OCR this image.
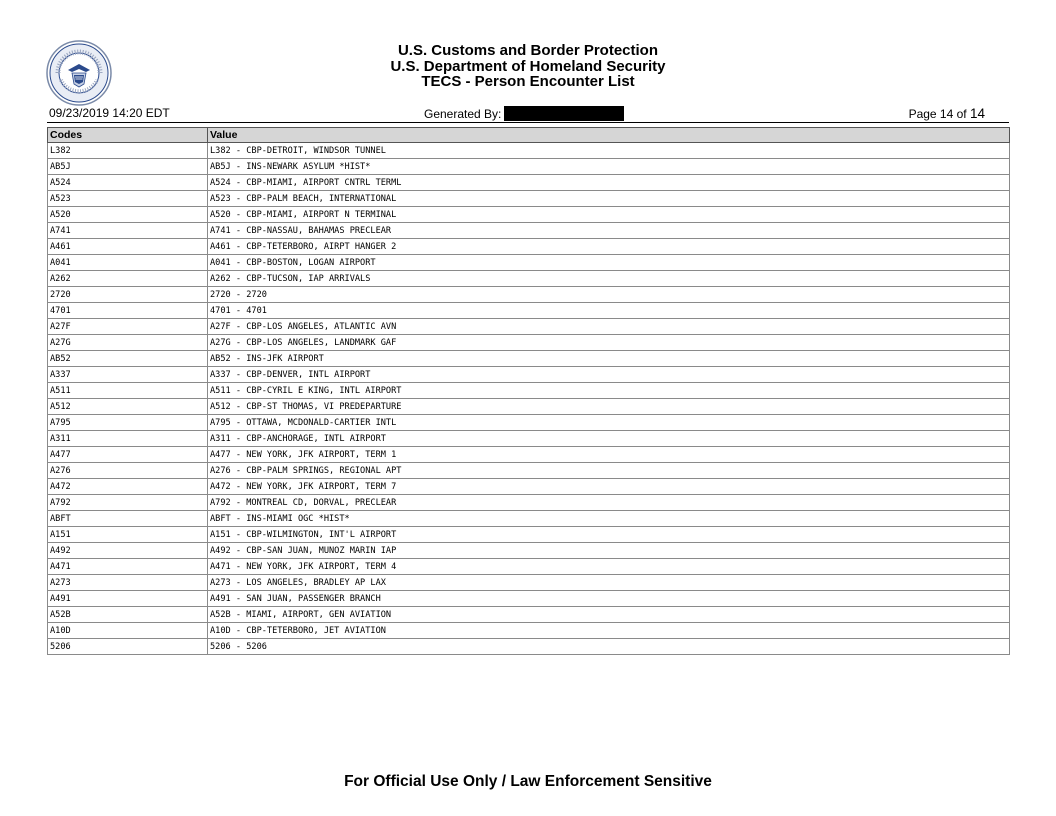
U.S. Customs and Border Protection
U.S. Department of Homeland Security
TECS - Person Encounter List
09/23/2019 14:20 EDT	Generated By:	Page 14 of 14
Codes	Value
L382	L382 - CBP-DETROIT, WINDSOR TUNNEL
AB5J	AB5J - INS-NEWARK ASYLUM *HIST*
A524	A524 - CBP-MIAMI, AIRPORT CNTRL TERML
A523	A523 - CBP-PALM BEACH, INTERNATIONAL
A520	A520 - CBP-MIAMI, AIRPORT N TERMINAL
A741	A741 - CBP-NASSAU, BAHAMAS PRECLEAR
A461	A461 - CBP-TETERBORO, AIRPT HANGER 2
A041	A041 - CBP-BOSTON, LOGAN AIRPORT
A262	A262 - CBP-TUCSON, IAP ARRIVALS
2720	2720 - 2720
4701	4701 - 4701
A27F	A27F - CBP-LOS ANGELES, ATLANTIC AVN
A27G	A27G - CBP-LOS ANGELES, LANDMARK GAF
AB52	AB52 - INS-JFK AIRPORT
A337	A337 - CBP-DENVER, INTL AIRPORT
A511	A511 - CBP-CYRIL E KING, INTL AIRPORT
A512	A512 - CBP-ST THOMAS, VI PREDEPARTURE
A795	A795 - OTTAWA, MCDONALD-CARTIER INTL
A311	A311 - CBP-ANCHORAGE, INTL AIRPORT
A477	A477 - NEW YORK, JFK AIRPORT, TERM 1
A276	A276 - CBP-PALM SPRINGS, REGIONAL APT
A472	A472 - NEW YORK, JFK AIRPORT, TERM 7
A792	A792 - MONTREAL CD, DORVAL, PRECLEAR
ABFT	ABFT - INS-MIAMI OGC *HIST*
A151	A151 - CBP-WILMINGTON, INT'L AIRPORT
A492	A492 - CBP-SAN JUAN, MUNOZ MARIN IAP
A471	A471 - NEW YORK, JFK AIRPORT, TERM 4
A273	A273 - LOS ANGELES, BRADLEY AP LAX
A491	A491 - SAN JUAN, PASSENGER BRANCH
A52B	A52B - MIAMI, AIRPORT, GEN AVIATION
A10D	A10D - CBP-TETERBORO, JET AVIATION
5206	5206 - 5206
For Official Use Only / Law Enforcement Sensitive
